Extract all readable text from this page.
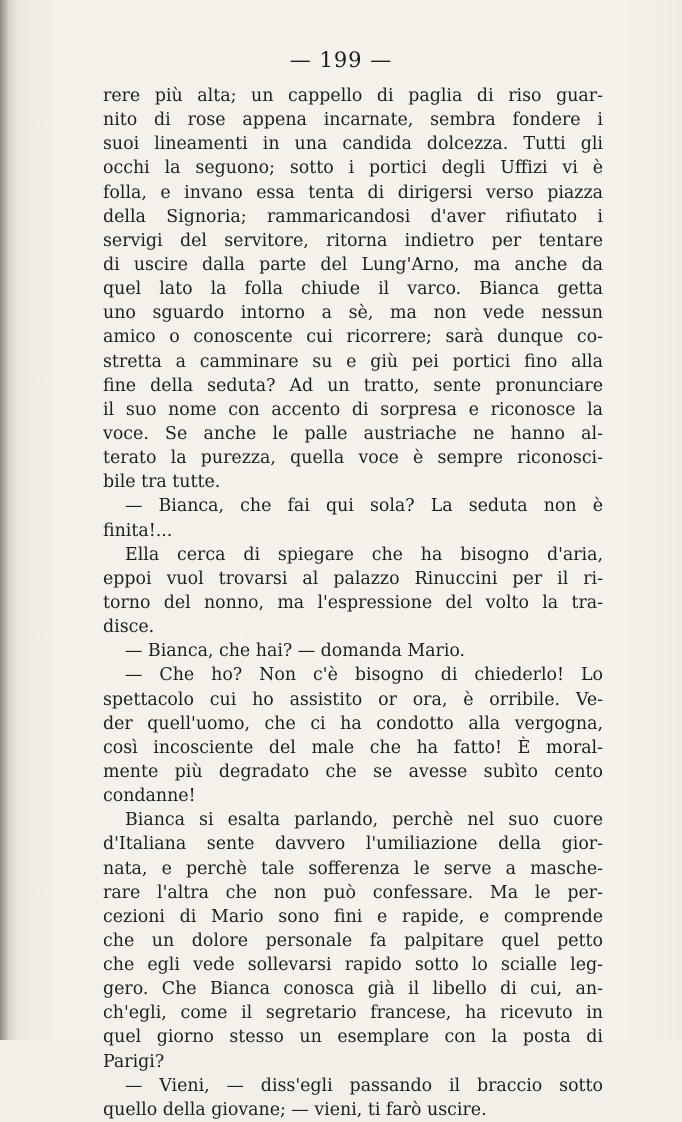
— 199 —
rere più alta; un cappello di paglia di riso guar-
nito di rose appena incarnate, sembra fondere i
suoi lineamenti in una candida dolcezza. Tutti gli
occhi la seguono; sotto i portici degli Uffizi vi è
folla, e invano essa tenta di dirigersi verso piazza
della Signoria; rammaricandosi d'aver rifiutato i
servigi del servitore, ritorna indietro per tentare
di uscire dalla parte del Lung'Arno, ma anche da
quel lato la folla chiude il varco. Bianca getta
uno sguardo intorno a sè, ma non vede nessun
amico o conoscente cui ricorrere; sarà dunque co-
stretta a camminare su e giù pei portici fino alla
fine della seduta? Ad un tratto, sente pronunciare
il suo nome con accento di sorpresa e riconosce la
voce. Se anche le palle austriache ne hanno al-
terato la purezza, quella voce è sempre riconosci-
bile tra tutte.
— Bianca, che fai qui sola? La seduta non è
finita!...
Ella cerca di spiegare che ha bisogno d'aria,
eppoi vuol trovarsi al palazzo Rinuccini per il ri-
torno del nonno, ma l'espressione del volto la tra-
disce.
— Bianca, che hai? — domanda Mario.
— Che ho? Non c'è bisogno di chiederlo! Lo
spettacolo cui ho assistito or ora, è orribile. Ve-
der quell'uomo, che ci ha condotto alla vergogna,
così incosciente del male che ha fatto! È moral-
mente più degradato che se avesse subìto cento
condanne!
Bianca si esalta parlando, perchè nel suo cuore
d'Italiana sente davvero l'umiliazione della gior-
nata, e perchè tale sofferenza le serve a masche-
rare l'altra che non può confessare. Ma le per-
cezioni di Mario sono fini e rapide, e comprende
che un dolore personale fa palpitare quel petto
che egli vede sollevarsi rapido sotto lo scialle leg-
gero. Che Bianca conosca già il libello di cui, an-
ch'egli, come il segretario francese, ha ricevuto in
quel giorno stesso un esemplare con la posta di
Parigi?
— Vieni, — diss'egli passando il braccio sotto
quello della giovane; — vieni, ti farò uscire.
